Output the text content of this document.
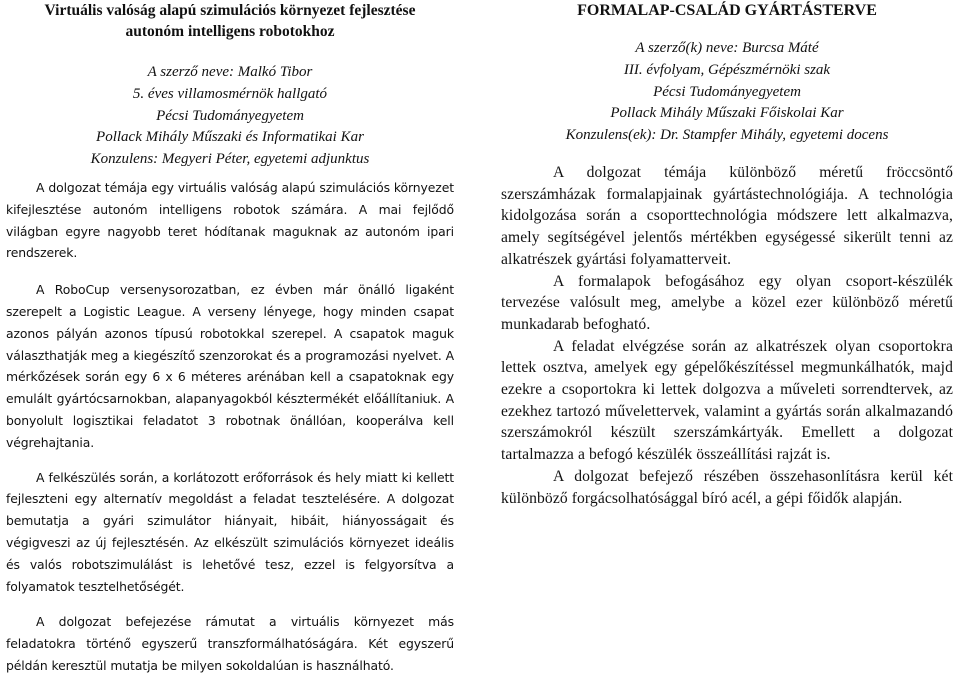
Virtuális valóság alapú szimulációs környezet fejlesztése

autonóm intelligens robotokhoz

A szerző neve: Malkó Tibor

5. éves villamosmérnök hallgató

Pécsi Tudományegyetem

Pollack Mihály Műszaki és Informatikai Kar

Konzulens: Megyeri Péter, egyetemi adjunktus

A dolgozat témája egy virtuális valóság alapú szimulációs környezet kifejlesztése autonóm intelligens robotok számára. A mai fejlődő világban egyre nagyobb teret hódítanak maguknak az autonóm ipari rendszerek.

A RoboCup versenysorozatban, ez évben már önálló ligaként szerepelt a Logistic League. A verseny lényege, hogy minden csapat azonos pályán azonos típusú robotokkal szerepel. A csapatok maguk választhatják meg a kiegészítő szenzorokat és a programozási nyelvet. A mérkőzések során egy 6 x 6 méteres arénában kell a csapatoknak egy emulált gyártócsarnokban, alapanyagokból késztermékét előállítaniuk. A bonyolult logisztikai feladatot 3 robotnak önállóan, kooperálva kell végrehajtania.

A felkészülés során, a korlátozott erőforrások és hely miatt ki kellett fejleszteni egy alternatív megoldást a feladat tesztelésére. A dolgozat bemutatja a gyári szimulátor hiányait, hibáit, hiányosságait és végigveszi az új fejlesztésén. Az elkészült szimulációs környezet ideális és valós robotszimulálást is lehetővé tesz, ezzel is felgyorsítva a folyamatok tesztelhetőségét.

A dolgozat befejezése rámutat a virtuális környezet más feladatokra történő egyszerű transzformálhatóságára. Két egyszerű példán keresztül mutatja be milyen sokoldalúan is használható.

FORMALAP-CSALÁD GYÁRTÁSTERVE

A szerző(k) neve: Burcsa Máté

III. évfolyam, Gépészmérnöki szak

Pécsi Tudományegyetem

Pollack Mihály Műszaki Főiskolai Kar

Konzulens(ek): Dr. Stampfer Mihály, egyetemi docens

A dolgozat témája különböző méretű fröccsöntő szerszámházak formalapjainak gyártástechnológiája. A technológia kidolgozása során a csoporttechnológia módszere lett alkalmazva, amely segítségével jelentős mértékben egységessé sikerült tenni az alkatrészek gyártási folyamatterveit.

A formalapok befogásához egy olyan csoport-készülék tervezése valósult meg, amelybe a közel ezer különböző méretű munkadarab befogható.

A feladat elvégzése során az alkatrészek olyan csoportokra lettek osztva, amelyek egy gépelőkészítéssel megmunkálhatók, majd ezekre a csoportokra ki lettek dolgozva a műveleti sorrendtervek, az ezekhez tartozó művelettervek, valamint a gyártás során alkalmazandó szerszámokról készült szerszámkártyák. Emellett a dolgozat tartalmazza a befogó készülék összeállítási rajzát is.

A dolgozat befejező részében összehasonlításra kerül két különböző forgácsolhatósággal bíró acél, a gépi főidők alapján.
